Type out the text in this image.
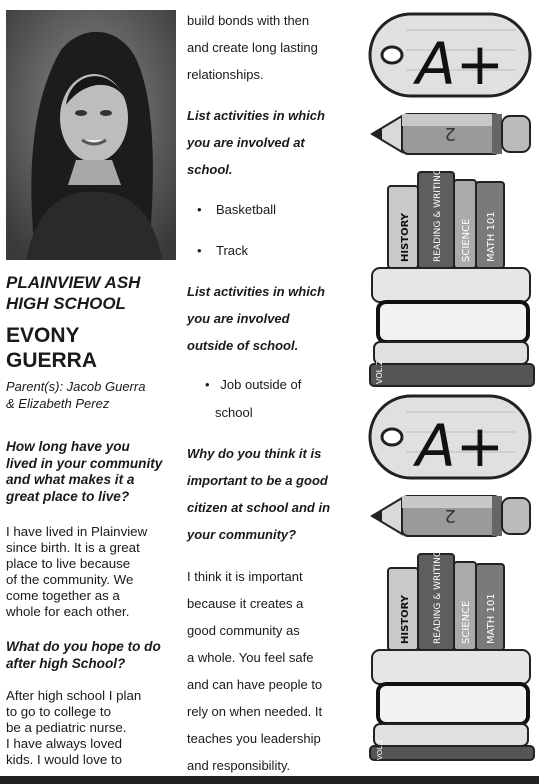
PLAINVIEW ASH HIGH SCHOOL
EVONY
GUERRA
Parent(s): Jacob Guerra
& Elizabeth Perez
How long have you
lived in your community
and what makes it a
great place to live?
I have lived in Plainview
since birth. It is a great
place to live because
of the community. We
come together as a
whole for each other.
What do you hope to do
after high School?
After high school I plan
to go to college to
be a pediatric nurse.
I have always loved
kids. I would love to
build bonds with then
and create long lasting
relationships.
List activities in which
you are involved at
school.
•    Basketball
•    Track
List activities in which
you are involved
outside of school.
•   Job outside of
school
Why do you think it is
important to be a good
citizen at school and in
your community?
I think it is important
because it creates a
good community as
a whole. You feel safe
and can have people to
rely on when needed. It
teaches you leadership
and responsibility.
A+
2
HISTORY READING & WRITING SCIENCE MATH 101
VOL.2
A+
2
HISTORY READING & WRITING SCIENCE MATH 101
VOL.2
